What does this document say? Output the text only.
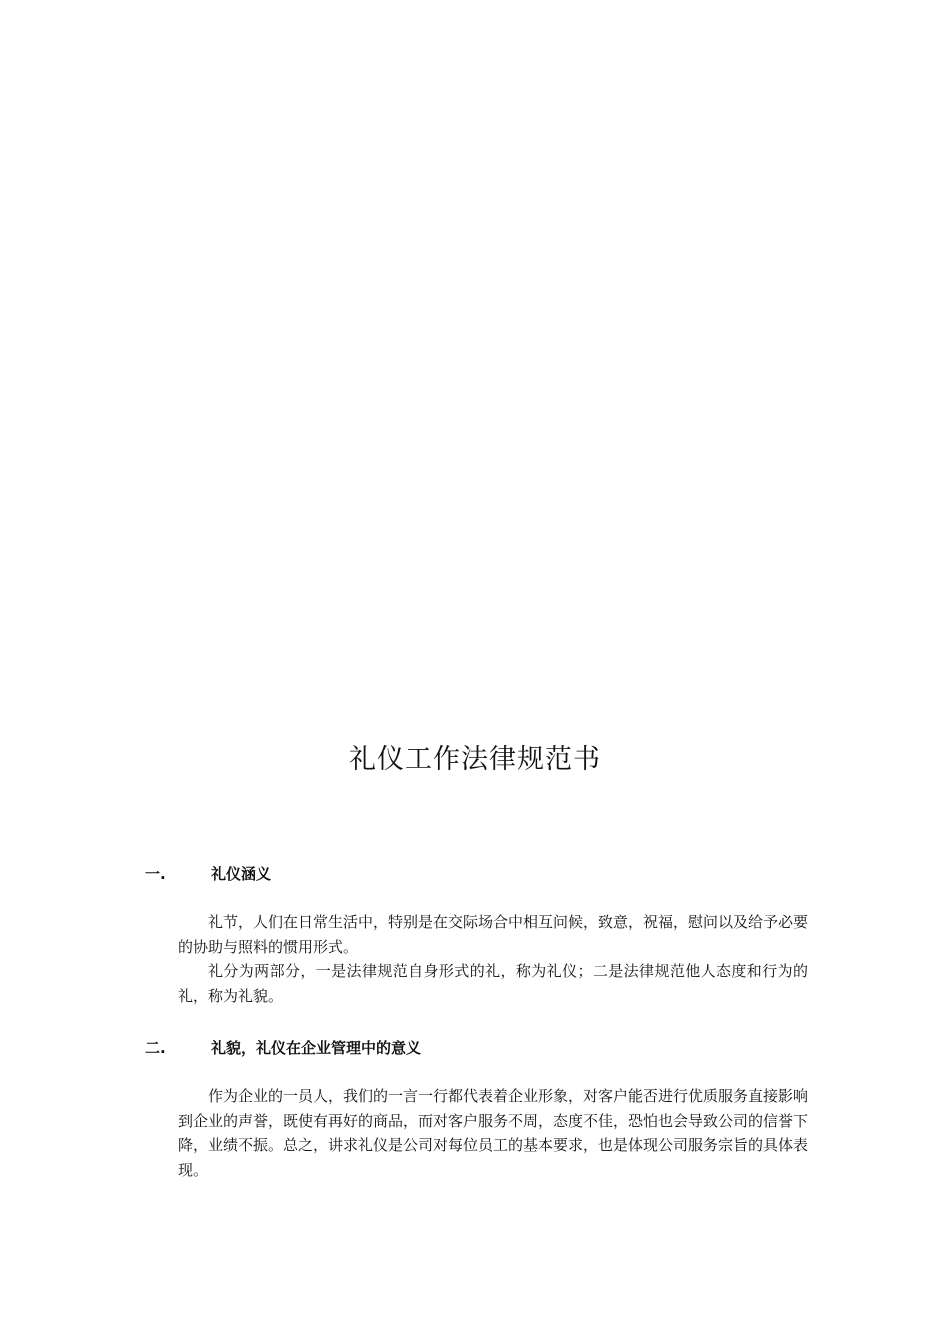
礼仪工作法律规范书
一.	礼仪涵义

礼节，人们在日常生活中，特别是在交际场合中相互问候，致意，祝福，慰问以及给予必要的协助与照料的惯用形式。

礼分为两部分，一是法律规范自身形式的礼，称为礼仪；二是法律规范他人态度和行为的礼，称为礼貌。

二.	礼貌，礼仪在企业管理中的意义

作为企业的一员人，我们的一言一行都代表着企业形象，对客户能否进行优质服务直接影响到企业的声誉，既使有再好的商品，而对客户服务不周，态度不佳，恐怕也会导致公司的信誉下降，业绩不振。总之，讲求礼仪是公司对每位员工的基本要求，也是体现公司服务宗旨的具体表现。
